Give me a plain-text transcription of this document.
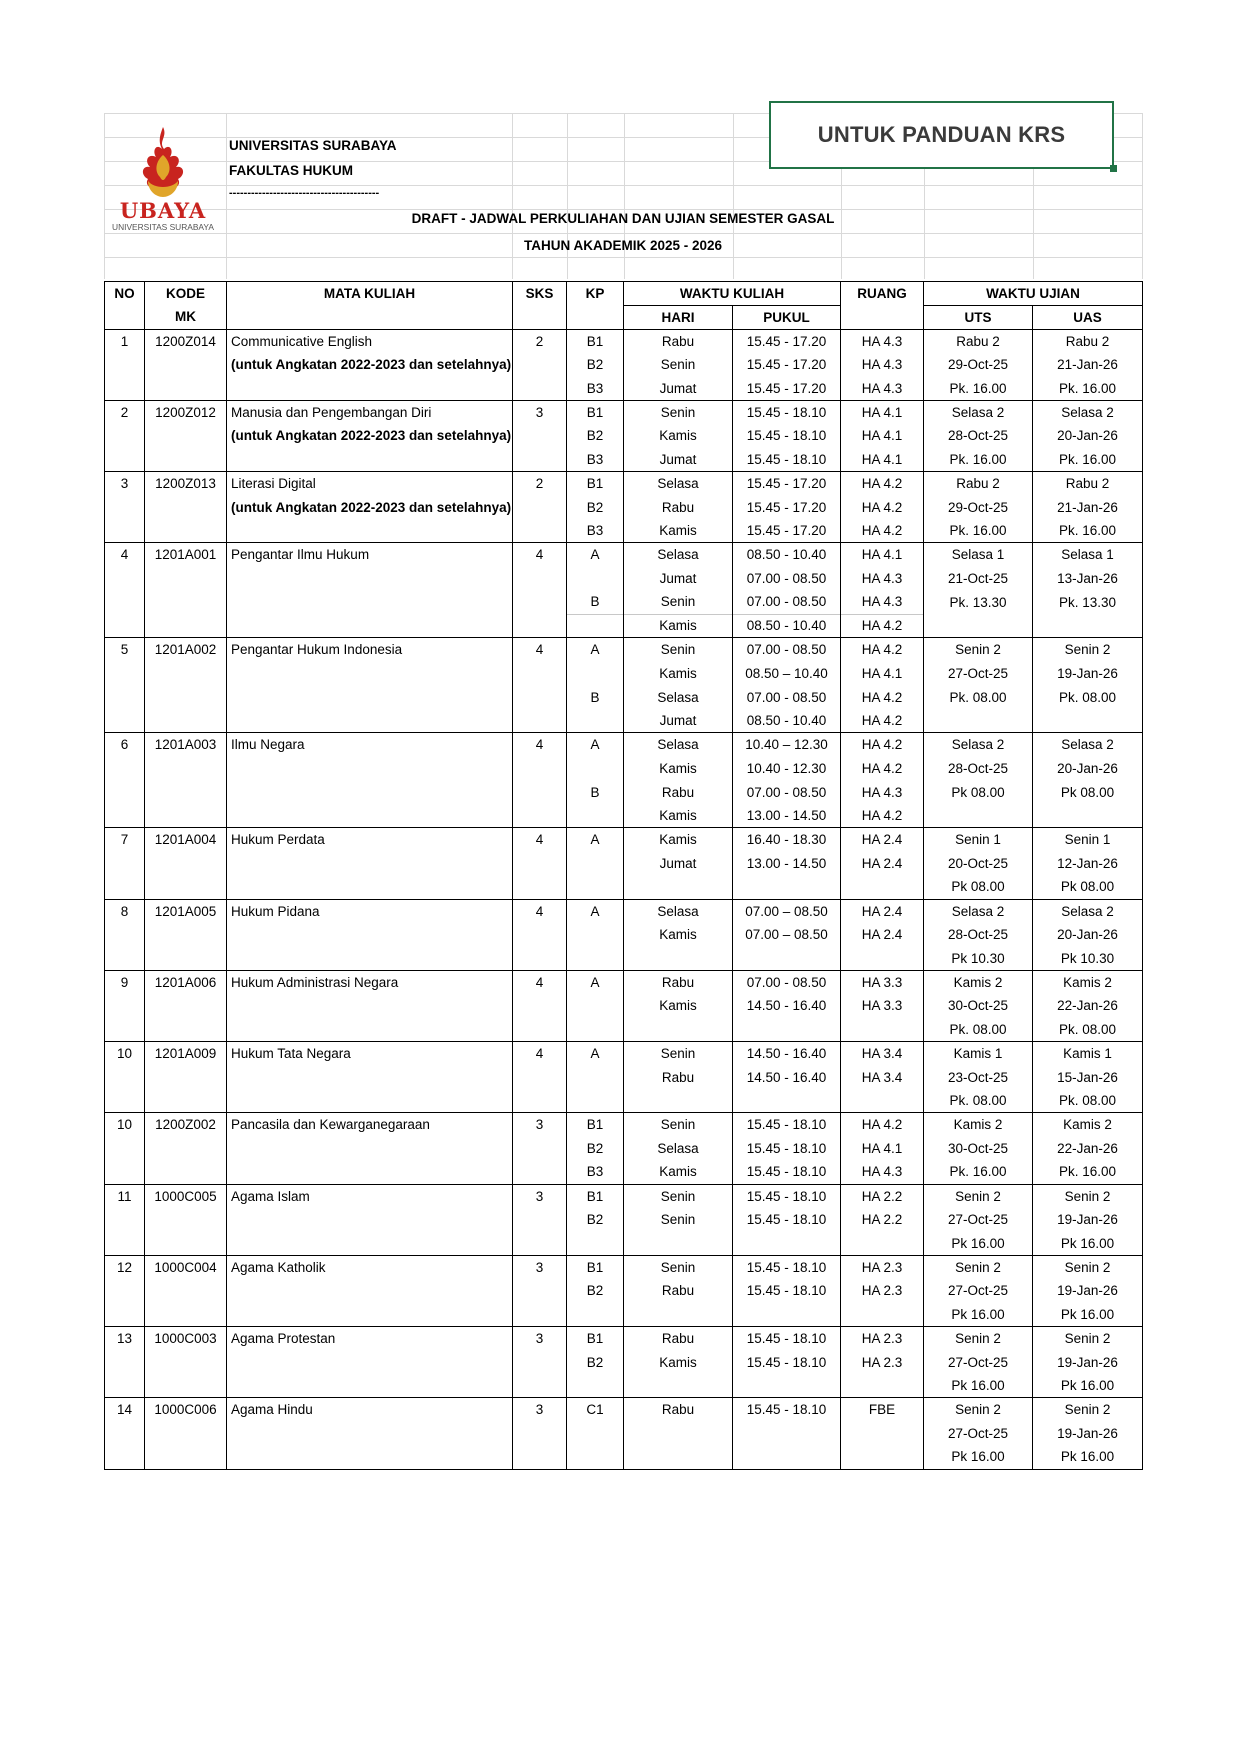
UBAYA
UNIVERSITAS SURABAYA
UNIVERSITAS SURABAYA
FAKULTAS HUKUM
-----------------------------------------
DRAFT - JADWAL PERKULIAHAN DAN UJIAN SEMESTER GASAL
TAHUN AKADEMIK 2025 - 2026
UNTUK PANDUAN KRS
NO	KODE	MATA KULIAH	SKS	KP	WAKTU KULIAH		RUANG	WAKTU UJIAN	
	MK				HARI	PUKUL		UTS	UAS
1	1200Z014	Communicative English	2	B1	Rabu	15.45 - 17.20	HA 4.3	Rabu 2	Rabu 2
		(untuk Angkatan 2022-2023 dan setelahnya)		B2	Senin	15.45 - 17.20	HA 4.3	29-Oct-25	21-Jan-26
				B3	Jumat	15.45 - 17.20	HA 4.3	Pk. 16.00	Pk. 16.00
2	1200Z012	Manusia dan Pengembangan Diri	3	B1	Senin	15.45 - 18.10	HA 4.1	Selasa 2	Selasa 2
		(untuk Angkatan 2022-2023 dan setelahnya)		B2	Kamis	15.45 - 18.10	HA 4.1	28-Oct-25	20-Jan-26
				B3	Jumat	15.45 - 18.10	HA 4.1	Pk. 16.00	Pk. 16.00
3	1200Z013	Literasi Digital	2	B1	Selasa	15.45 - 17.20	HA 4.2	Rabu 2	Rabu 2
		(untuk Angkatan 2022-2023 dan setelahnya)		B2	Rabu	15.45 - 17.20	HA 4.2	29-Oct-25	21-Jan-26
				B3	Kamis	15.45 - 17.20	HA 4.2	Pk. 16.00	Pk. 16.00
4	1201A001	Pengantar Ilmu Hukum	4	A	Selasa	08.50 - 10.40	HA 4.1	Selasa 1	Selasa 1
					Jumat	07.00 - 08.50	HA 4.3	21-Oct-25	13-Jan-26
				B	Senin	07.00 - 08.50	HA 4.3	Pk. 13.30	Pk. 13.30
					Kamis	08.50 - 10.40	HA 4.2		
5	1201A002	Pengantar Hukum Indonesia	4	A	Senin	07.00 - 08.50	HA 4.2	Senin 2	Senin 2
					Kamis	08.50 – 10.40	HA 4.1	27-Oct-25	19-Jan-26
				B	Selasa	07.00 - 08.50	HA 4.2	Pk. 08.00	Pk. 08.00
					Jumat	08.50 - 10.40	HA 4.2		
6	1201A003	Ilmu Negara	4	A	Selasa	10.40 – 12.30	HA 4.2	Selasa 2	Selasa 2
					Kamis	10.40 - 12.30	HA 4.2	28-Oct-25	20-Jan-26
				B	Rabu	07.00 - 08.50	HA 4.3	Pk 08.00	Pk 08.00
					Kamis	13.00 - 14.50	HA 4.2		
7	1201A004	Hukum Perdata	4	A	Kamis	16.40 - 18.30	HA 2.4	Senin 1	Senin 1
					Jumat	13.00 - 14.50	HA 2.4	20-Oct-25	12-Jan-26
								Pk 08.00	Pk 08.00
8	1201A005	Hukum Pidana	4	A	Selasa	07.00 – 08.50	HA 2.4	Selasa 2	Selasa 2
					Kamis	07.00 – 08.50	HA 2.4	28-Oct-25	20-Jan-26
								Pk 10.30	Pk 10.30
9	1201A006	Hukum Administrasi Negara	4	A	Rabu	07.00 - 08.50	HA 3.3	Kamis 2	Kamis 2
					Kamis	14.50 - 16.40	HA 3.3	30-Oct-25	22-Jan-26
								Pk. 08.00	Pk. 08.00
10	1201A009	Hukum Tata Negara	4	A	Senin	14.50 - 16.40	HA 3.4	Kamis 1	Kamis 1
					Rabu	14.50 - 16.40	HA 3.4	23-Oct-25	15-Jan-26
								Pk. 08.00	Pk. 08.00
10	1200Z002	Pancasila dan Kewarganegaraan	3	B1	Senin	15.45 - 18.10	HA 4.2	Kamis 2	Kamis 2
				B2	Selasa	15.45 - 18.10	HA 4.1	30-Oct-25	22-Jan-26
				B3	Kamis	15.45 - 18.10	HA 4.3	Pk. 16.00	Pk. 16.00
11	1000C005	Agama Islam	3	B1	Senin	15.45 - 18.10	HA 2.2	Senin 2	Senin 2
				B2	Senin	15.45 - 18.10	HA 2.2	27-Oct-25	19-Jan-26
								Pk 16.00	Pk 16.00
12	1000C004	Agama Katholik	3	B1	Senin	15.45 - 18.10	HA 2.3	Senin 2	Senin 2
				B2	Rabu	15.45 - 18.10	HA 2.3	27-Oct-25	19-Jan-26
								Pk 16.00	Pk 16.00
13	1000C003	Agama Protestan	3	B1	Rabu	15.45 - 18.10	HA 2.3	Senin 2	Senin 2
				B2	Kamis	15.45 - 18.10	HA 2.3	27-Oct-25	19-Jan-26
								Pk 16.00	Pk 16.00
14	1000C006	Agama Hindu	3	C1	Rabu	15.45 - 18.10	FBE	Senin 2	Senin 2
								27-Oct-25	19-Jan-26
								Pk 16.00	Pk 16.00
